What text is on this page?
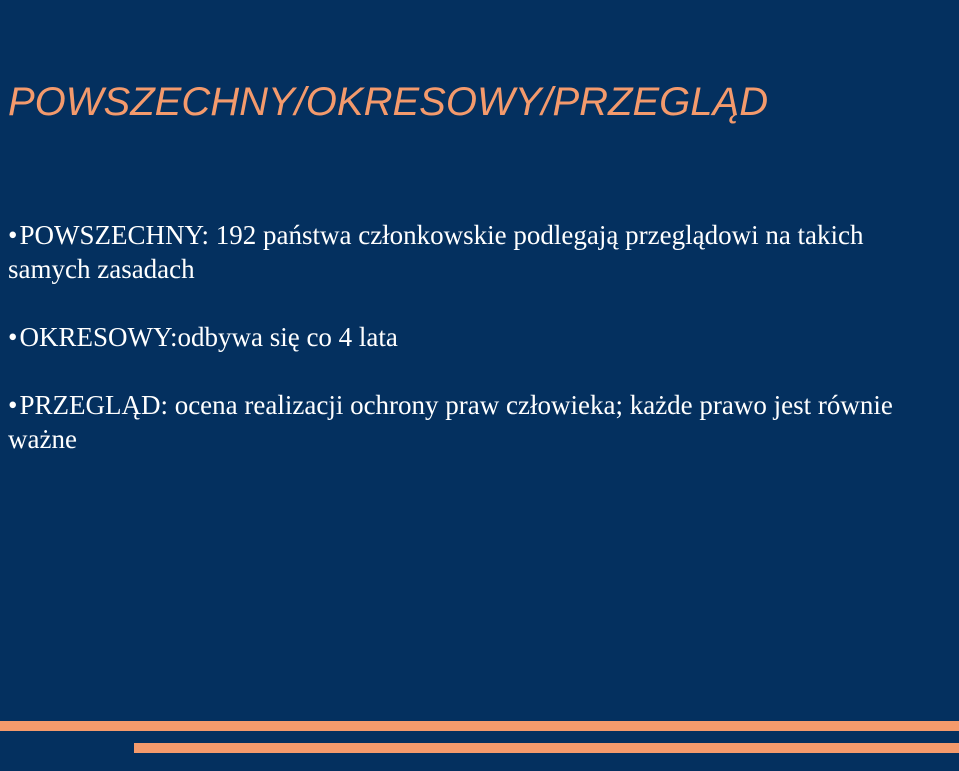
POWSZECHNY/OKRESOWY/PRZEGLĄD
• POWSZECHNY: 192 państwa członkowskie podlegają przeglądowi na takich samych zasadach
• OKRESOWY:odbywa się co 4 lata
• PRZEGLĄD: ocena realizacji ochrony praw człowieka; każde prawo jest równie ważne
